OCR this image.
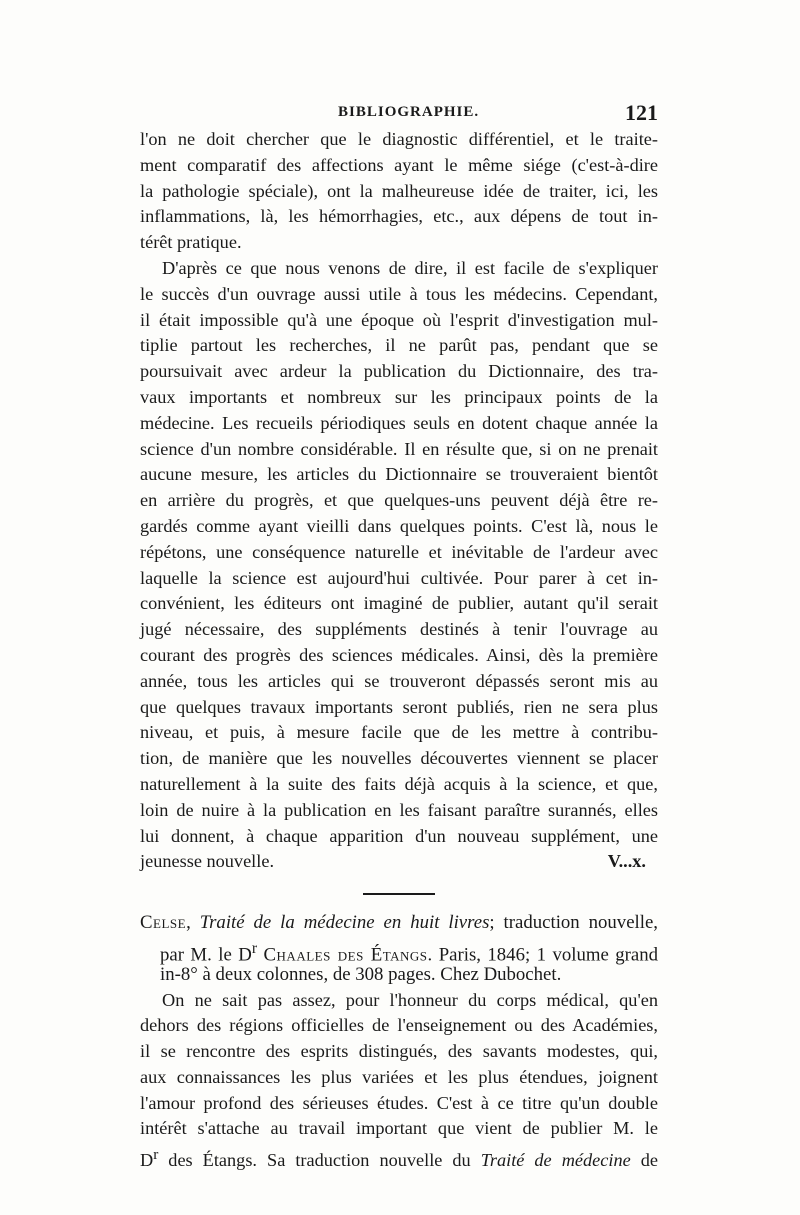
BIBLIOGRAPHIE.	121
l'on ne doit chercher que le diagnostic différentiel, et le traite-
ment comparatif des affections ayant le même siége (c'est-à-dire
la pathologie spéciale), ont la malheureuse idée de traiter, ici, les
inflammations, là, les hémorrhagies, etc., aux dépens de tout in-
térêt pratique.
D'après ce que nous venons de dire, il est facile de s'expliquer
le succès d'un ouvrage aussi utile à tous les médecins. Cependant,
il était impossible qu'à une époque où l'esprit d'investigation mul-
tiplie partout les recherches, il ne parût pas, pendant que se
poursuivait avec ardeur la publication du Dictionnaire, des tra-
vaux importants et nombreux sur les principaux points de la
médecine. Les recueils périodiques seuls en dotent chaque année la
science d'un nombre considérable. Il en résulte que, si on ne prenait
aucune mesure, les articles du Dictionnaire se trouveraient bientôt
en arrière du progrès, et que quelques-uns peuvent déjà être re-
gardés comme ayant vieilli dans quelques points. C'est là, nous le
répétons, une conséquence naturelle et inévitable de l'ardeur avec
laquelle la science est aujourd'hui cultivée. Pour parer à cet in-
convénient, les éditeurs ont imaginé de publier, autant qu'il serait
jugé nécessaire, des suppléments destinés à tenir l'ouvrage au
courant des progrès des sciences médicales. Ainsi, dès la première
année, tous les articles qui se trouveront dépassés seront mis au
que quelques travaux importants seront publiés, rien ne sera plus
niveau, et puis, à mesure facile que de les mettre à contribu-
tion, de manière que les nouvelles découvertes viennent se placer
naturellement à la suite des faits déjà acquis à la science, et que,
loin de nuire à la publication en les faisant paraître surannés, elles
lui donnent, à chaque apparition d'un nouveau supplément, une
jeunesse nouvelle.	V...x.
Celse, Traité de la médecine en huit livres; traduction nouvelle,
par M. le $D^r$ Chaales des Étangs. Paris, 1846; 1 volume grand
in-8° à deux colonnes, de 308 pages. Chez Dubochet.
On ne sait pas assez, pour l'honneur du corps médical, qu'en
dehors des régions officielles de l'enseignement ou des Académies,
il se rencontre des esprits distingués, des savants modestes, qui,
aux connaissances les plus variées et les plus étendues, joignent
l'amour profond des sérieuses études. C'est à ce titre qu'un double
intérêt s'attache au travail important que vient de publier M. le
$D^r$ des Étangs. Sa traduction nouvelle du Traité de médecine de
